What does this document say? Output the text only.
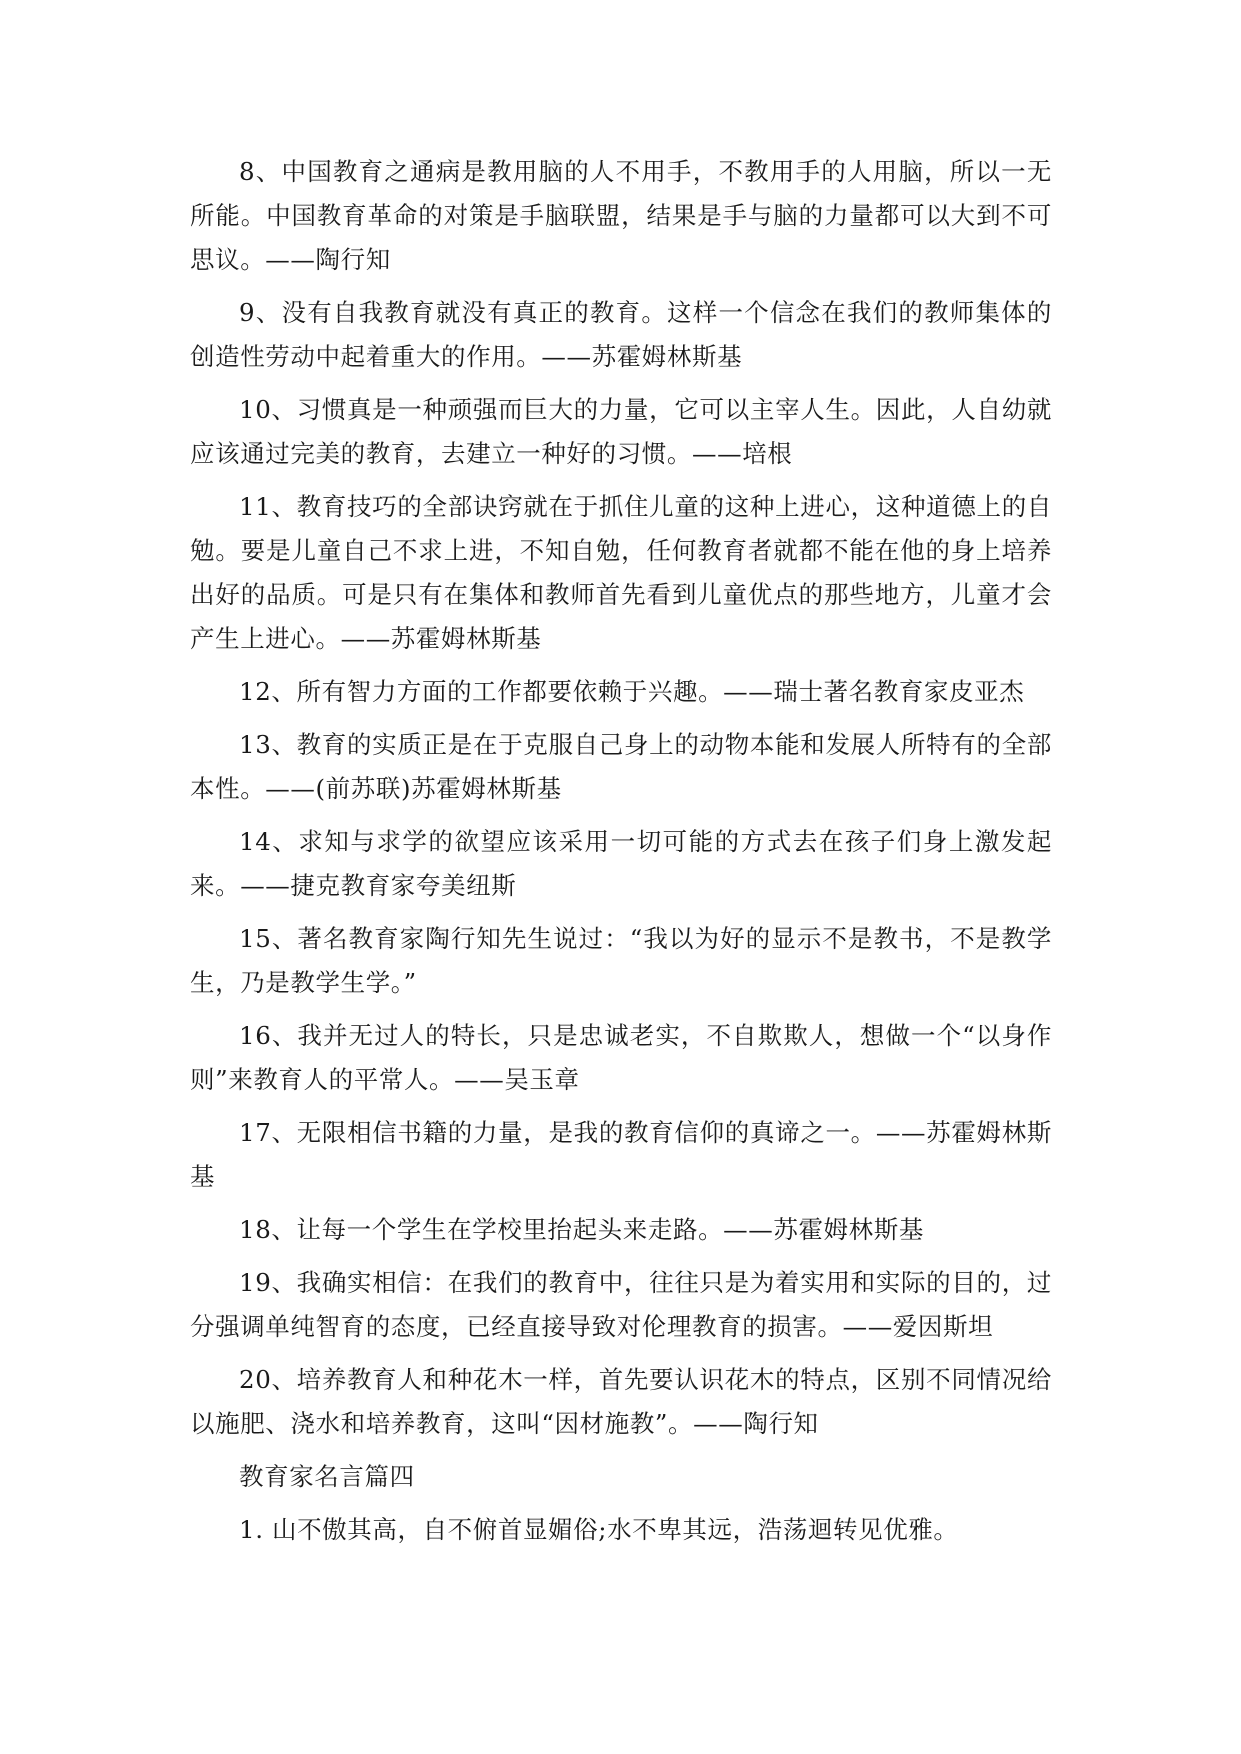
8、中国教育之通病是教用脑的人不用手，不教用手的人用脑，所以一无所能。中国教育革命的对策是手脑联盟，结果是手与脑的力量都可以大到不可思议。——陶行知

9、没有自我教育就没有真正的教育。这样一个信念在我们的教师集体的创造性劳动中起着重大的作用。——苏霍姆林斯基

10、习惯真是一种顽强而巨大的力量，它可以主宰人生。因此，人自幼就应该通过完美的教育，去建立一种好的习惯。——培根

11、教育技巧的全部诀窍就在于抓住儿童的这种上进心，这种道德上的自勉。要是儿童自己不求上进，不知自勉，任何教育者就都不能在他的身上培养出好的品质。可是只有在集体和教师首先看到儿童优点的那些地方，儿童才会产生上进心。——苏霍姆林斯基

12、所有智力方面的工作都要依赖于兴趣。——瑞士著名教育家皮亚杰

13、教育的实质正是在于克服自己身上的动物本能和发展人所特有的全部本性。——(前苏联)苏霍姆林斯基

14、求知与求学的欲望应该采用一切可能的方式去在孩子们身上激发起来。——捷克教育家夸美纽斯

15、著名教育家陶行知先生说过：“我以为好的显示不是教书，不是教学生，乃是教学生学。”

16、我并无过人的特长，只是忠诚老实，不自欺欺人，想做一个“以身作则”来教育人的平常人。——吴玉章

17、无限相信书籍的力量，是我的教育信仰的真谛之一。——苏霍姆林斯基

18、让每一个学生在学校里抬起头来走路。——苏霍姆林斯基

19、我确实相信：在我们的教育中，往往只是为着实用和实际的目的，过分强调单纯智育的态度，已经直接导致对伦理教育的损害。——爱因斯坦

20、培养教育人和种花木一样，首先要认识花木的特点，区别不同情况给以施肥、浇水和培养教育，这叫“因材施教”。——陶行知

教育家名言篇四

1. 山不傲其高，自不俯首显媚俗;水不卑其远，浩荡迴转见优雅。
